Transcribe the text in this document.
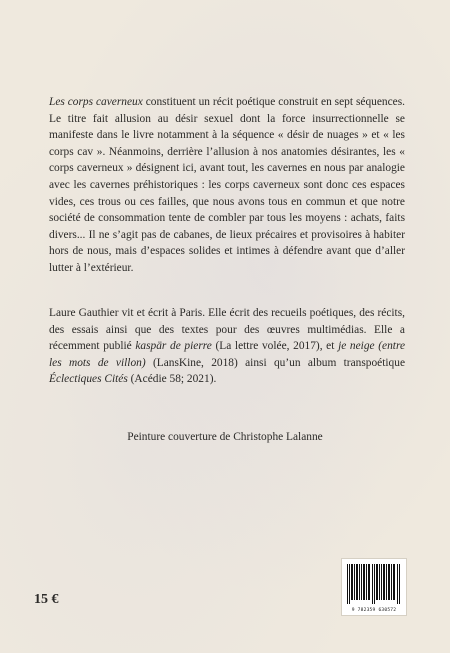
Les corps caverneux constituent un récit poétique construit en sept séquences. Le titre fait allusion au désir sexuel dont la force insurrectionnelle se manifeste dans le livre notamment à la séquence « désir de nuages » et « les corps cav ». Néanmoins, derrière l’allusion à nos anatomies désirantes, les « corps caverneux » désignent ici, avant tout, les cavernes en nous par analogie avec les cavernes préhistoriques : les corps caverneux sont donc ces espaces vides, ces trous ou ces failles, que nous avons tous en commun et que notre société de consommation tente de combler par tous les moyens : achats, faits divers... Il ne s’agit pas de cabanes, de lieux précaires et provisoires à habiter hors de nous, mais d’espaces solides et intimes à défendre avant que d’aller lutter à l’extérieur.

Laure Gauthier vit et écrit à Paris. Elle écrit des recueils poétiques, des récits, des essais ainsi que des textes pour des œuvres multimédias. Elle a récemment publié kaspär de pierre (La lettre volée, 2017), et je neige (entre les mots de villon) (LansKine, 2018) ainsi qu’un album transpoétique Éclectiques Cités (Acédie 58; 2021).

Peinture couverture de Christophe Lalanne
15 €
9 782359 630572
